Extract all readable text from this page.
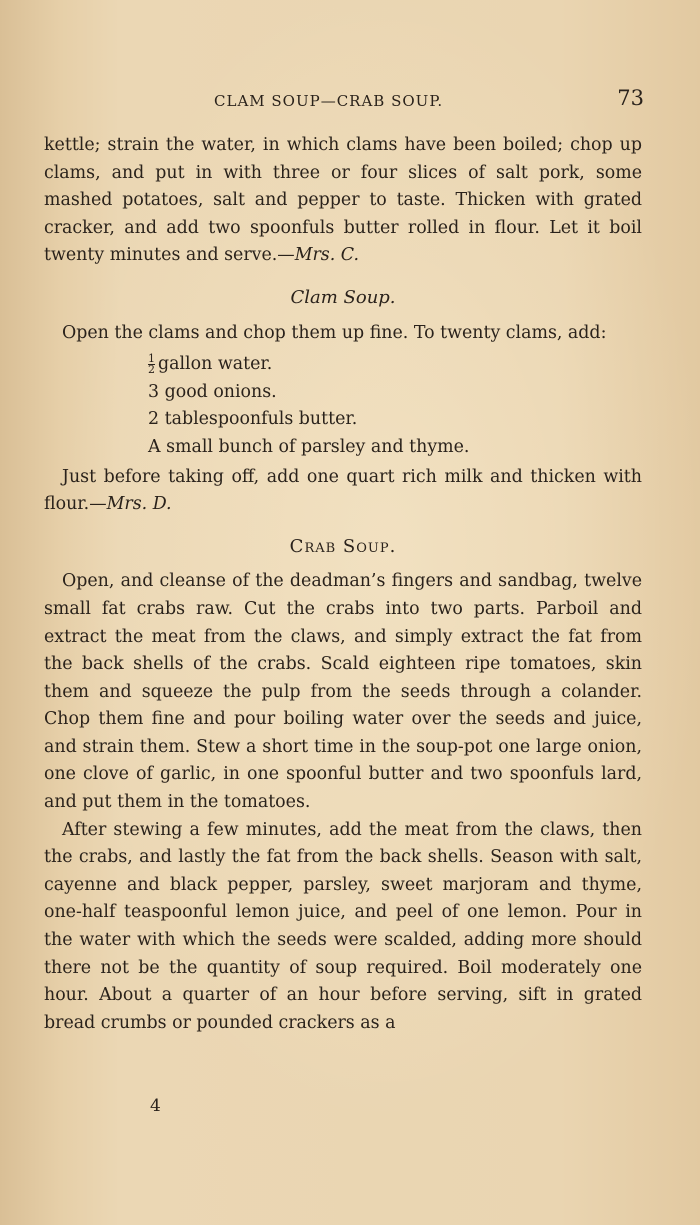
CLAM SOUP—CRAB SOUP.	73

kettle; strain the water, in which clams have been boiled; chop up clams, and put in with three or four slices of salt pork, some mashed potatoes, salt and pepper to taste. Thicken with grated cracker, and add two spoonfuls butter rolled in flour. Let it boil twenty minutes and serve.—Mrs. C.

Clam Soup.

Open the clams and chop them up fine. To twenty clams, add:

$\frac{1}{2}$ gallon water.
3 good onions.
2 tablespoonfuls butter.
A small bunch of parsley and thyme.

Just before taking off, add one quart rich milk and thicken with flour.—Mrs. D.

Crab Soup.

Open, and cleanse of the deadman’s fingers and sandbag, twelve small fat crabs raw. Cut the crabs into two parts. Parboil and extract the meat from the claws, and simply extract the fat from the back shells of the crabs. Scald eighteen ripe tomatoes, skin them and squeeze the pulp from the seeds through a colander. Chop them fine and pour boiling water over the seeds and juice, and strain them. Stew a short time in the soup-pot one large onion, one clove of garlic, in one spoonful butter and two spoonfuls lard, and put them in the tomatoes.

After stewing a few minutes, add the meat from the claws, then the crabs, and lastly the fat from the back shells. Season with salt, cayenne and black pepper, parsley, sweet marjoram and thyme, one-half teaspoonful lemon juice, and peel of one lemon. Pour in the water with which the seeds were scalded, adding more should there not be the quantity of soup required. Boil moderately one hour. About a quarter of an hour before serving, sift in grated bread crumbs or pounded crackers as a

4
